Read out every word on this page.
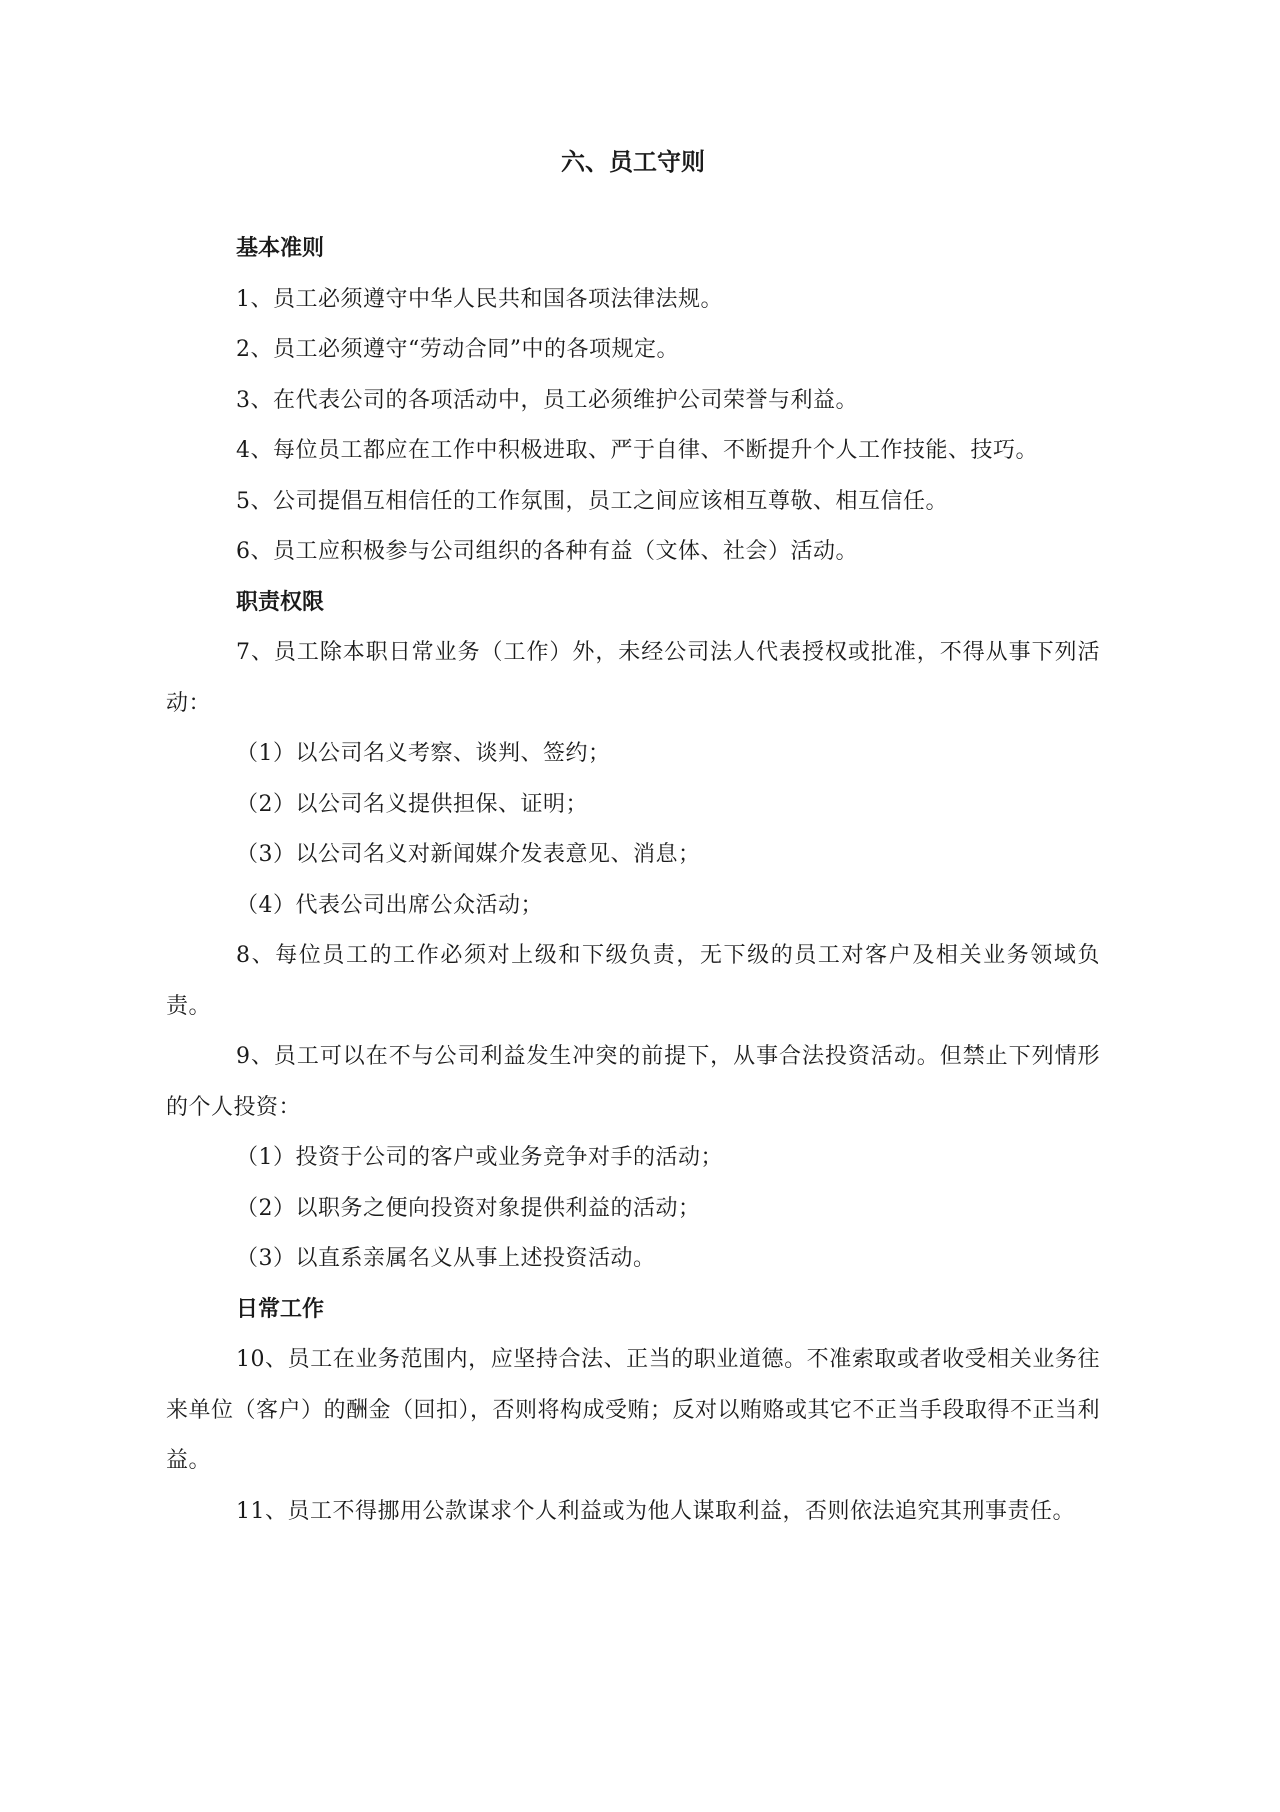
六、员工守则

基本准则

1、员工必须遵守中华人民共和国各项法律法规。

2、员工必须遵守“劳动合同”中的各项规定。

3、在代表公司的各项活动中，员工必须维护公司荣誉与利益。

4、每位员工都应在工作中积极进取、严于自律、不断提升个人工作技能、技巧。

5、公司提倡互相信任的工作氛围，员工之间应该相互尊敬、相互信任。

6、员工应积极参与公司组织的各种有益（文体、社会）活动。

职责权限

7、员工除本职日常业务（工作）外，未经公司法人代表授权或批准，不得从事下列活动：

（1）以公司名义考察、谈判、签约；

（2）以公司名义提供担保、证明；

（3）以公司名义对新闻媒介发表意见、消息；

（4）代表公司出席公众活动；

8、每位员工的工作必须对上级和下级负责，无下级的员工对客户及相关业务领域负责。

9、员工可以在不与公司利益发生冲突的前提下，从事合法投资活动。但禁止下列情形的个人投资：

（1）投资于公司的客户或业务竞争对手的活动；

（2）以职务之便向投资对象提供利益的活动；

（3）以直系亲属名义从事上述投资活动。

日常工作

10、员工在业务范围内，应坚持合法、正当的职业道德。不准索取或者收受相关业务往来单位（客户）的酬金（回扣），否则将构成受贿；反对以贿赂或其它不正当手段取得不正当利益。

11、员工不得挪用公款谋求个人利益或为他人谋取利益，否则依法追究其刑事责任。
